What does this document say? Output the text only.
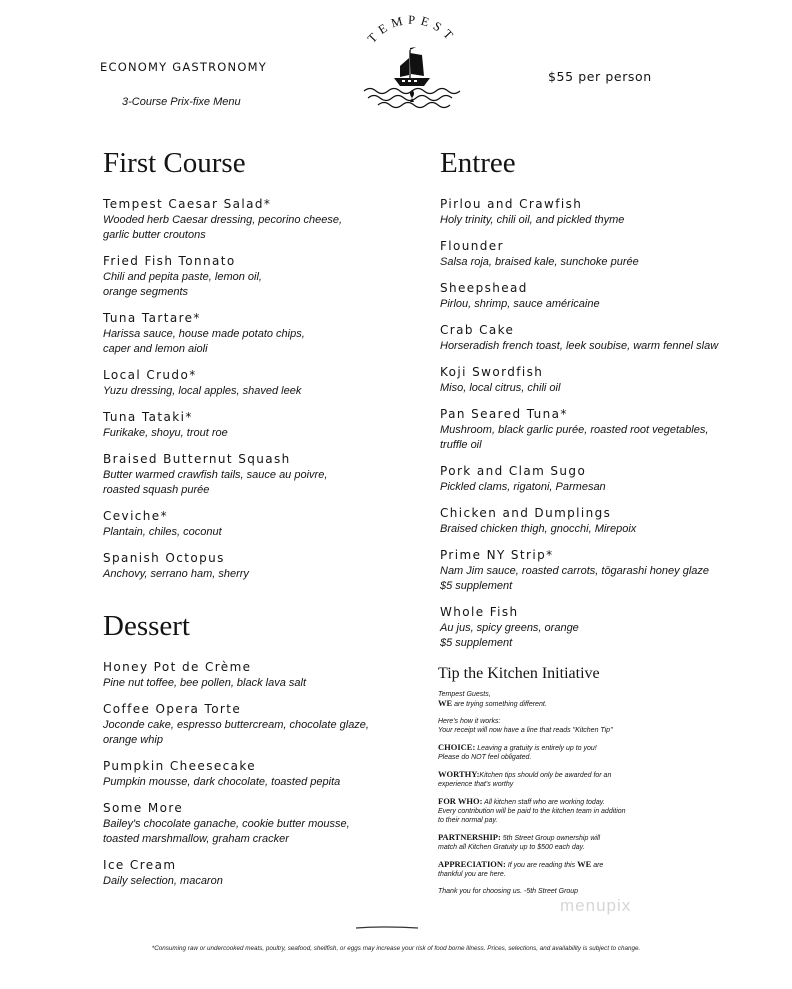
ECONOMY GASTRONOMY
3-Course Prix-fixe Menu
$55 per person
TEMPEST
First Course
Tempest Caesar Salad*
Wooded herb Caesar dressing, pecorino cheese,
garlic butter croutons
Fried Fish Tonnato
Chili and pepita paste, lemon oil,
orange segments
Tuna Tartare*
Harissa sauce, house made potato chips,
caper and lemon aioli
Local Crudo*
Yuzu dressing, local apples, shaved leek
Tuna Tataki*
Furikake, shoyu, trout roe
Braised Butternut Squash
Butter warmed crawfish tails, sauce au poivre,
roasted squash purée
Ceviche*
Plantain, chiles, coconut
Spanish Octopus
Anchovy, serrano ham, sherry
Dessert
Honey Pot de Crème
Pine nut toffee, bee pollen, black lava salt
Coffee Opera Torte
Joconde cake, espresso buttercream, chocolate glaze,
orange whip
Pumpkin Cheesecake
Pumpkin mousse, dark chocolate, toasted pepita
Some More
Bailey's chocolate ganache, cookie butter mousse,
toasted marshmallow, graham cracker
Ice Cream
Daily selection, macaron
Entree
Pirlou and Crawfish
Holy trinity, chili oil, and pickled thyme
Flounder
Salsa roja, braised kale, sunchoke purée
Sheepshead
Pirlou, shrimp, sauce américaine
Crab Cake
Horseradish french toast, leek soubise, warm fennel slaw
Koji Swordfish
Miso, local citrus, chili oil
Pan Seared Tuna*
Mushroom, black garlic purée, roasted root vegetables,
truffle oil
Pork and Clam Sugo
Pickled clams, rigatoni, Parmesan
Chicken and Dumplings
Braised chicken thigh, gnocchi, Mirepoix
Prime NY Strip*
Nam Jim sauce, roasted carrots, tōgarashi honey glaze
$5 supplement
Whole Fish
Au jus, spicy greens, orange
$5 supplement
Tip the Kitchen Initiative
Tempest Guests,
WE are trying something different.
Here's how it works:
Your receipt will now have a line that reads "Kitchen Tip"
CHOICE: Leaving a gratuity is entirely up to you!
Please do NOT feel obligated.
WORTHY:Kitchen tips should only be awarded for an
experience that's worthy
FOR WHO: All kitchen staff who are working today.
Every contribution will be paid to the kitchen team in addition
to their normal pay.
PARTNERSHIP: 5th Street Group ownership will
match all Kitchen Gratuity up to $500 each day.
APPRECIATION: If you are reading this WE are
thankful you are here.
Thank you for choosing us. -5th Street Group
menupix
*Consuming raw or undercooked meats, poultry, seafood, shellfish, or eggs may increase your risk of food borne illness. Prices, selections, and availability is subject to change.
